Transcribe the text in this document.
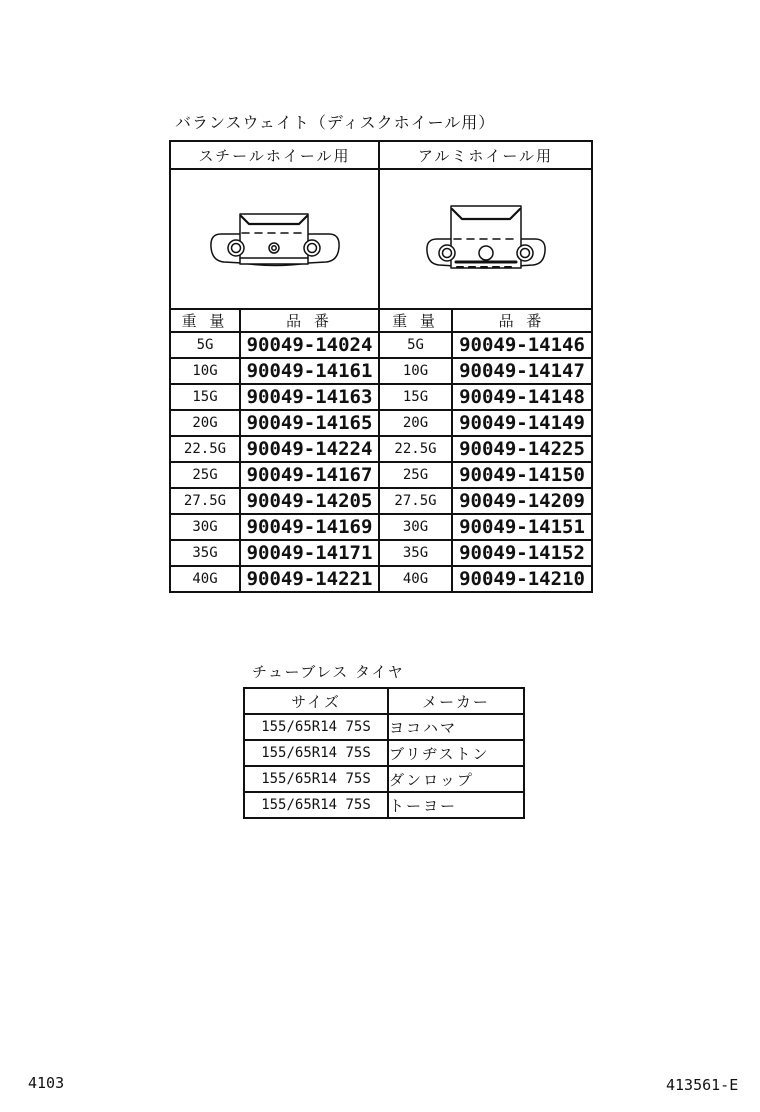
バランスウェイト（ディスクホイール用）
スチールホイール用		アルミホイール用	

重 量	品 番	重 量	品 番
5G	90049-14024	5G	90049-14146
10G	90049-14161	10G	90049-14147
15G	90049-14163	15G	90049-14148
20G	90049-14165	20G	90049-14149
22.5G	90049-14224	22.5G	90049-14225
25G	90049-14167	25G	90049-14150
27.5G	90049-14205	27.5G	90049-14209
30G	90049-14169	30G	90049-14151
35G	90049-14171	35G	90049-14152
40G	90049-14221	40G	90049-14210
チューブレス タイヤ
サイズ	メーカー
155/65R14 75S	ヨコハマ
155/65R14 75S	ブリヂストン
155/65R14 75S	ダンロップ
155/65R14 75S	トーヨー
4103	413561-E
